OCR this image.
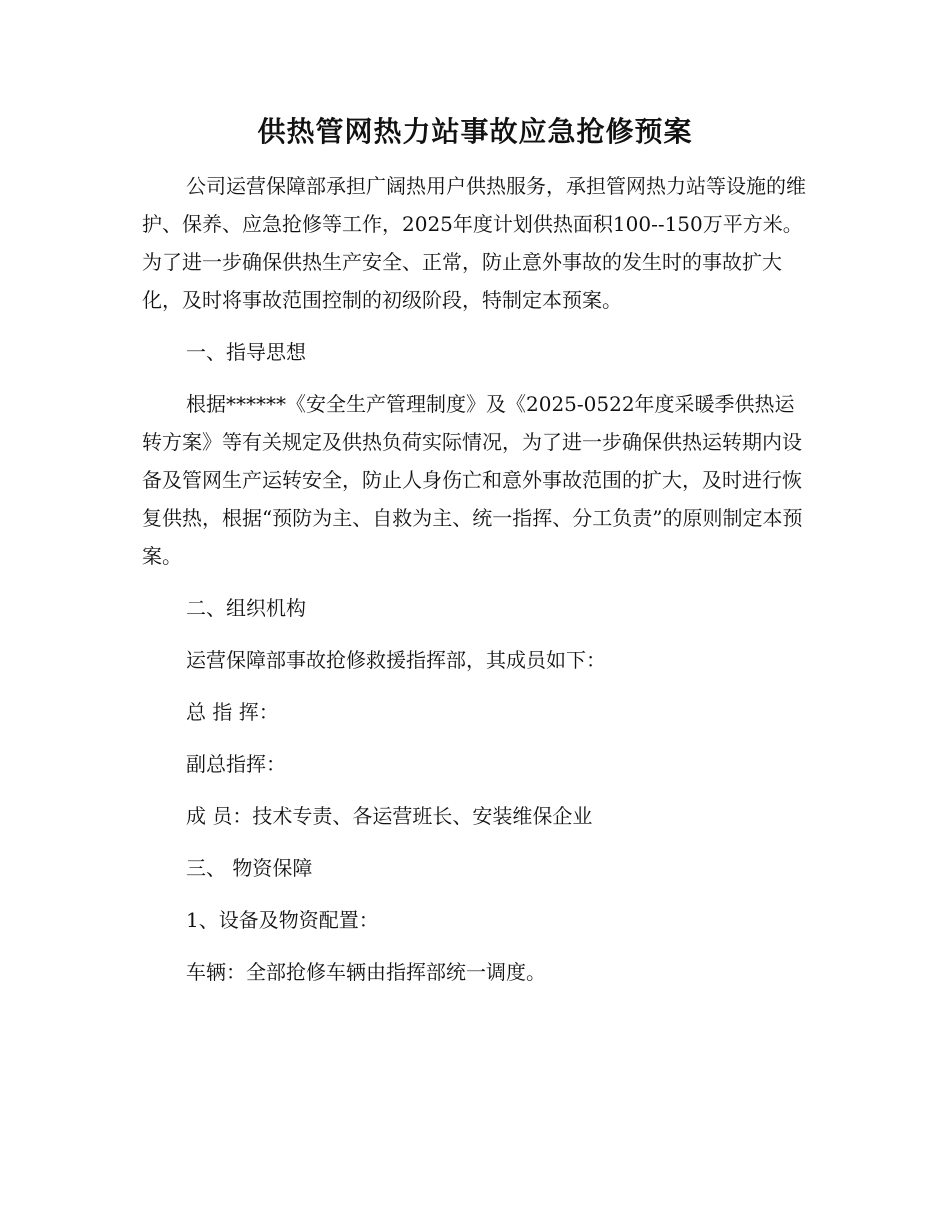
供热管网热力站事故应急抢修预案

公司运营保障部承担广阔热用户供热服务，承担管网热力站等设施的维护、保养、应急抢修等工作，2025年度计划供热面积100--150万平方米。为了进一步确保供热生产安全、正常，防止意外事故的发生时的事故扩大化，及时将事故范围控制的初级阶段，特制定本预案。

一、指导思想

根据******《安全生产管理制度》及《2025-0522年度采暖季供热运转方案》等有关规定及供热负荷实际情况，为了进一步确保供热运转期内设备及管网生产运转安全，防止人身伤亡和意外事故范围的扩大，及时进行恢复供热，根据“预防为主、自救为主、统一指挥、分工负责”的原则制定本预案。

二、组织机构

运营保障部事故抢修救援指挥部，其成员如下：

总 指 挥：

副总指挥：

成 员：技术专责、各运营班长、安装维保企业

三、 物资保障

1、设备及物资配置：

车辆：全部抢修车辆由指挥部统一调度。
